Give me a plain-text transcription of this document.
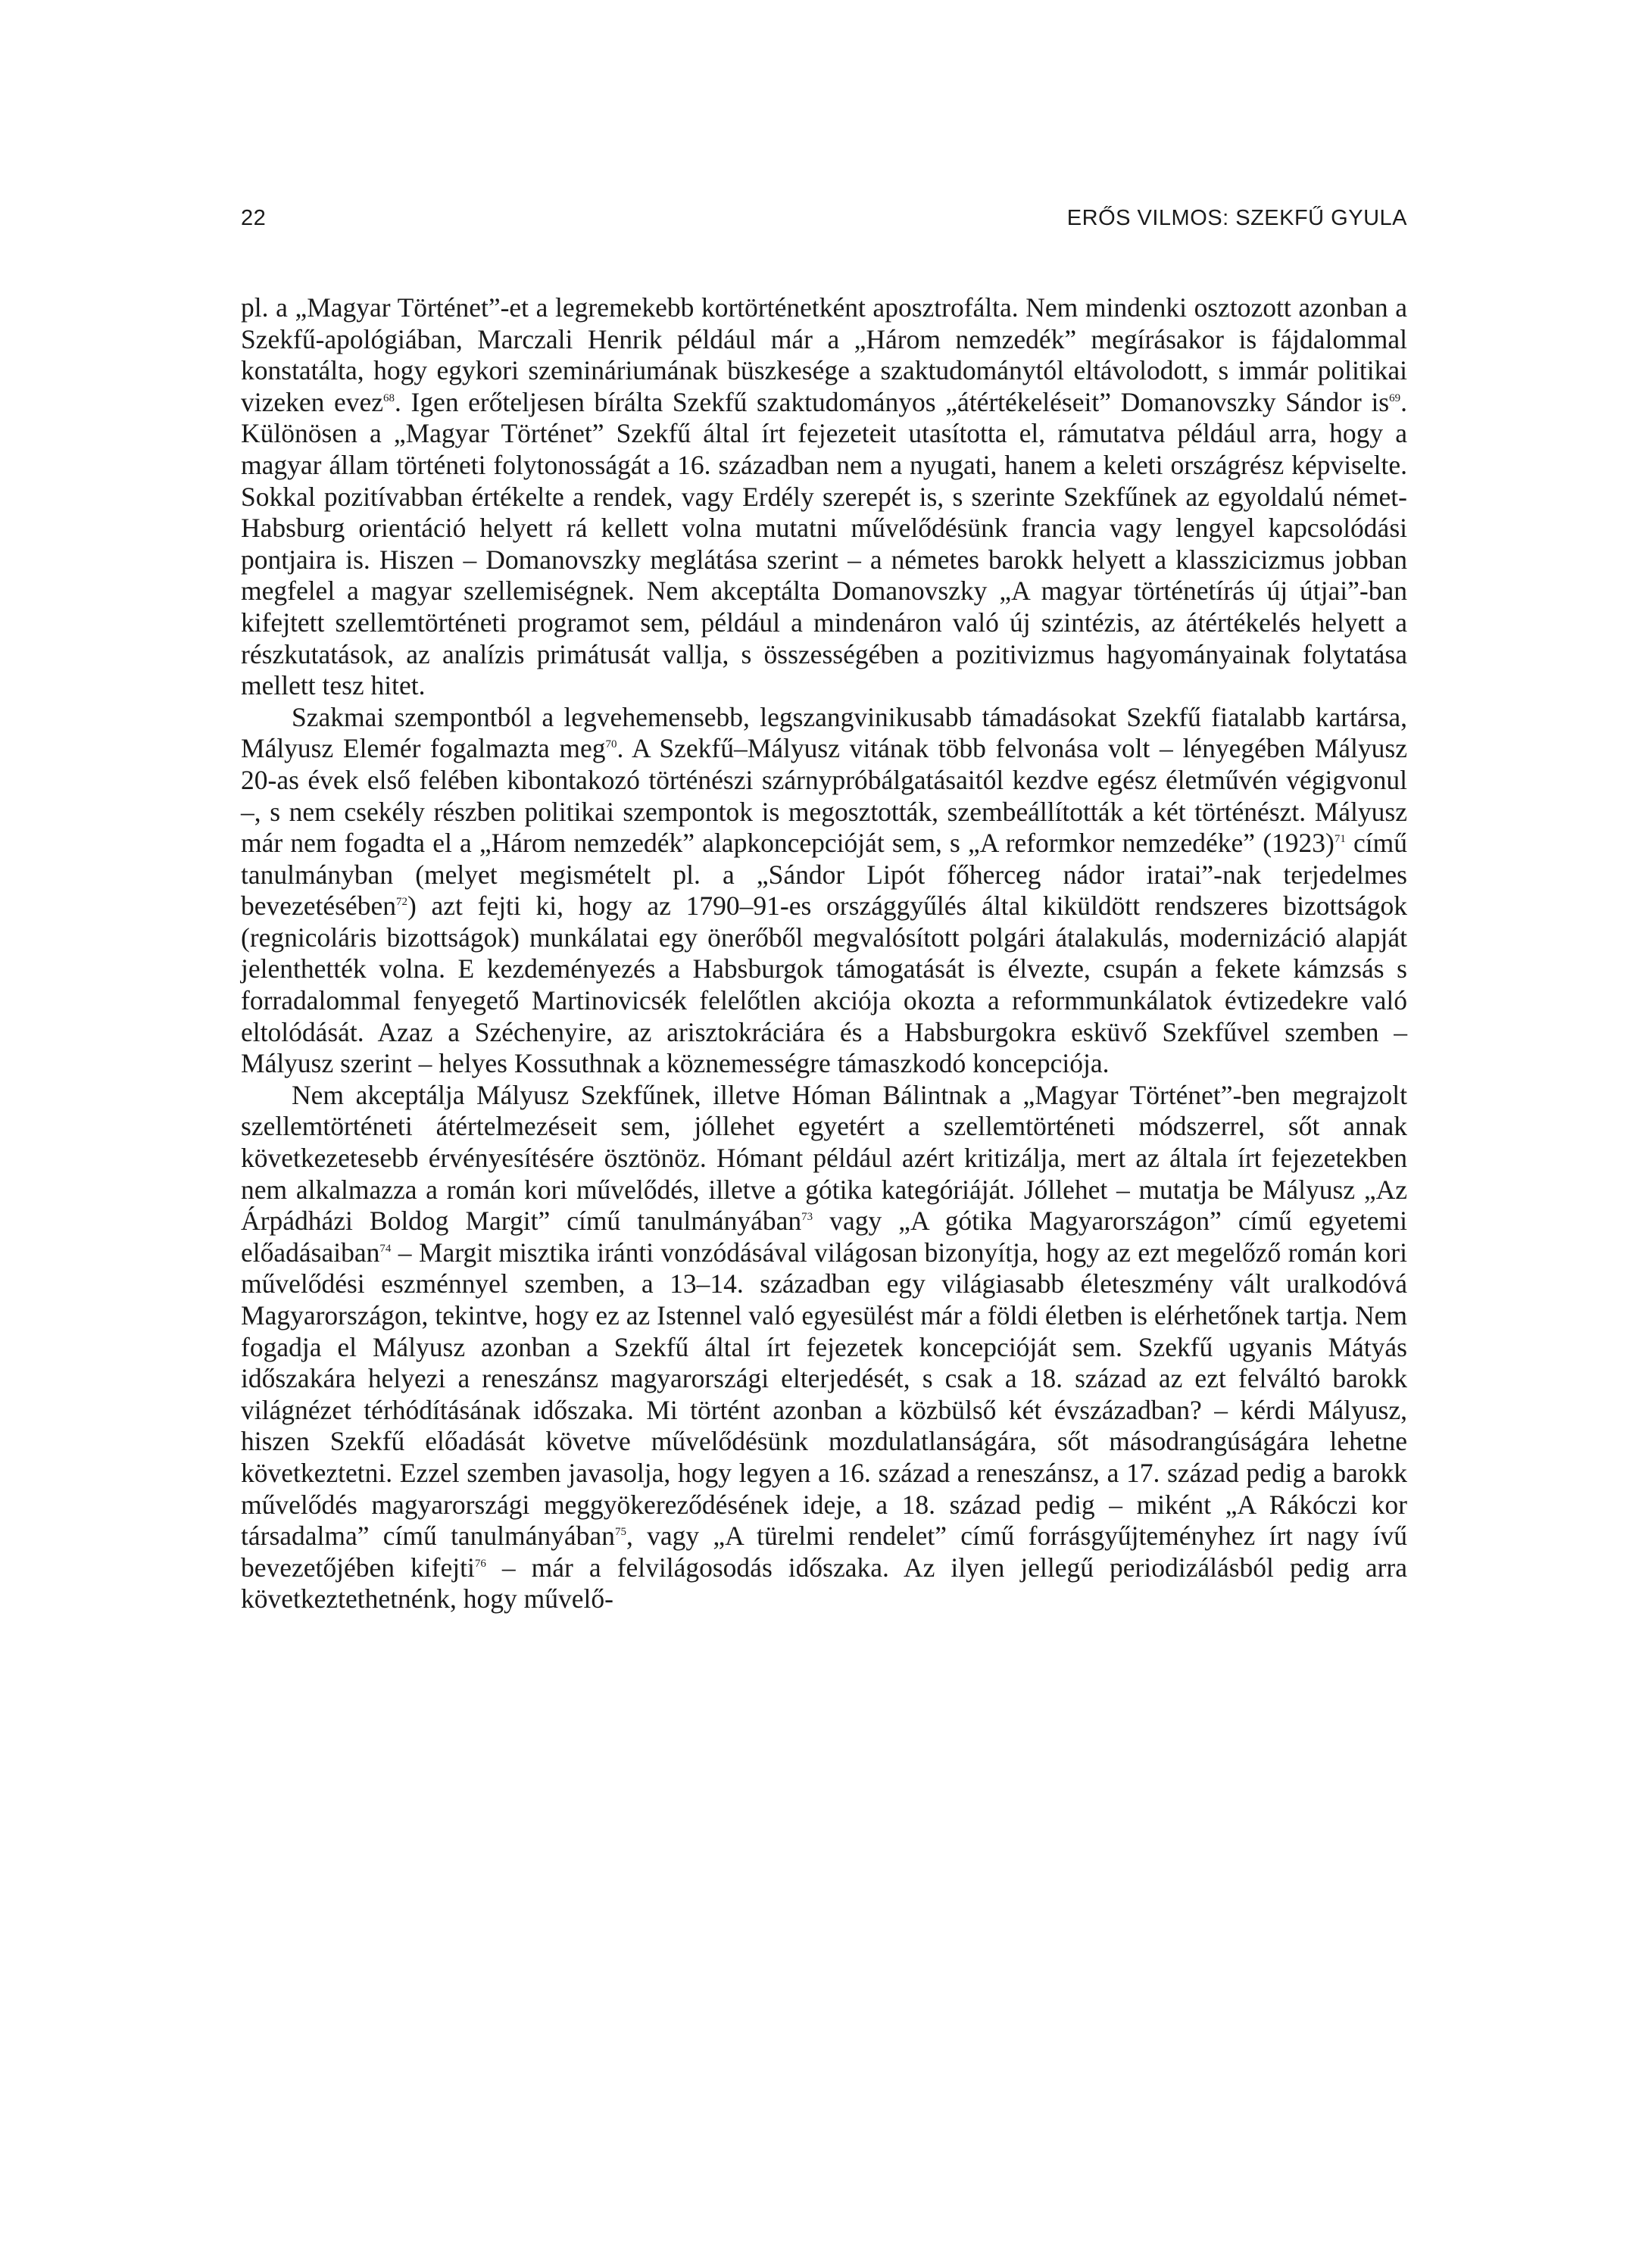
22	ERŐS VILMOS: SZEKFŰ GYULA

pl. a „Magyar Történet”-et a legremekebb kortörténetként aposztrofálta. Nem mindenki osztozott azonban a Szekfű-apológiában, Marczali Henrik például már a „Három nemzedék” megírásakor is fájdalommal konstatálta, hogy egykori szemináriumának büszkesége a szaktudománytól eltávolodott, s immár politikai vizeken evez$^{68}$. Igen erőteljesen bírálta Szekfű szaktudományos „átértékeléseit” Domanovszky Sándor is$^{69}$. Különösen a „Magyar Történet” Szekfű által írt fejezeteit utasította el, rámutatva például arra, hogy a magyar állam történeti folytonosságát a 16. században nem a nyugati, hanem a keleti országrész képviselte. Sokkal pozitívabban értékelte a rendek, vagy Erdély szerepét is, s szerinte Szekfűnek az egyoldalú német-Habsburg orientáció helyett rá kellett volna mutatni művelődésünk francia vagy lengyel kapcsolódási pontjaira is. Hiszen – Domanovszky meglátása szerint – a németes barokk helyett a klasszicizmus jobban megfelel a magyar szellemiségnek. Nem akceptálta Domanovszky „A magyar történetírás új útjai”-ban kifejtett szellemtörténeti programot sem, például a mindenáron való új szintézis, az átértékelés helyett a részkutatások, az analízis primátusát vallja, s összességében a pozitivizmus hagyományainak folytatása mellett tesz hitet.

Szakmai szempontból a legvehemensebb, legszangvinikusabb támadásokat Szekfű fiatalabb kartársa, Mályusz Elemér fogalmazta meg$^{70}$. A Szekfű–Mályusz vitának több felvonása volt – lényegében Mályusz 20-as évek első felében kibontakozó történészi szárnypróbálgatásaitól kezdve egész életművén végigvonul –, s nem csekély részben politikai szempontok is megosztották, szembeállították a két történészt. Mályusz már nem fogadta el a „Három nemzedék” alapkoncepcióját sem, s „A reformkor nemzedéke” (1923)$^{71}$ című tanulmányban (melyet megismételt pl. a „Sándor Lipót főherceg nádor iratai”-nak terjedelmes bevezetésében$^{72}$) azt fejti ki, hogy az 1790–91-es országgyűlés által kiküldött rendszeres bizottságok (regnicoláris bizottságok) munkálatai egy önerőből megvalósított polgári átalakulás, modernizáció alapját jelenthették volna. E kezdeményezés a Habsburgok támogatását is élvezte, csupán a fekete kámzsás s forradalommal fenyegető Martinovicsék felelőtlen akciója okozta a reformmunkálatok évtizedekre való eltolódását. Azaz a Széchenyire, az arisztokráciára és a Habsburgokra esküvő Szekfűvel szemben – Mályusz szerint – helyes Kossuthnak a köznemességre támaszkodó koncepciója.

Nem akceptálja Mályusz Szekfűnek, illetve Hóman Bálintnak a „Magyar Történet”-ben megrajzolt szellemtörténeti átértelmezéseit sem, jóllehet egyetért a szellemtörténeti módszerrel, sőt annak következetesebb érvényesítésére ösztönöz. Hómant például azért kritizálja, mert az általa írt fejezetekben nem alkalmazza a román kori művelődés, illetve a gótika kategóriáját. Jóllehet – mutatja be Mályusz „Az Árpádházi Boldog Margit” című tanulmányában$^{73}$ vagy „A gótika Magyarországon” című egyetemi előadásaiban$^{74}$ – Margit misztika iránti vonzódásával világosan bizonyítja, hogy az ezt megelőző román kori művelődési eszménnyel szemben, a 13–14. században egy világiasabb életeszmény vált uralkodóvá Magyarországon, tekintve, hogy ez az Istennel való egyesülést már a földi életben is elérhetőnek tartja. Nem fogadja el Mályusz azonban a Szekfű által írt fejezetek koncepcióját sem. Szekfű ugyanis Mátyás időszakára helyezi a reneszánsz magyarországi elterjedését, s csak a 18. század az ezt felváltó barokk világnézet térhódításának időszaka. Mi történt azonban a közbülső két évszázadban? – kérdi Mályusz, hiszen Szekfű előadását követve művelődésünk mozdulatlanságára, sőt másodrangúságára lehetne következtetni. Ezzel szemben javasolja, hogy legyen a 16. század a reneszánsz, a 17. század pedig a barokk művelődés magyarországi meggyökereződésének ideje, a 18. század pedig – miként „A Rákóczi kor társadalma” című tanulmányában$^{75}$, vagy „A türelmi rendelet” című forrásgyűjteményhez írt nagy ívű bevezetőjében kifejti$^{76}$ – már a felvilágosodás időszaka. Az ilyen jellegű periodizálásból pedig arra következtethetnénk, hogy művelő-
